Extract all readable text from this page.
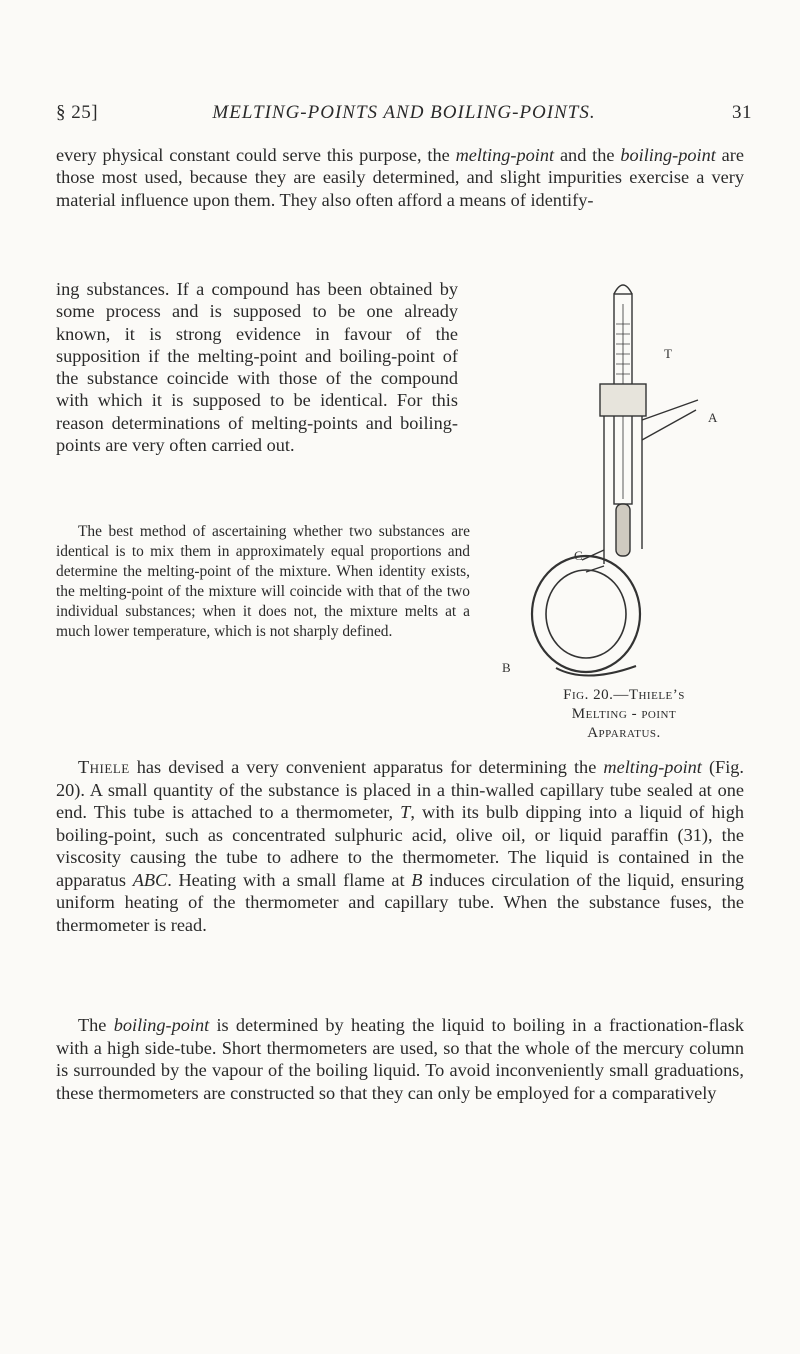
§ 25]	MELTING-POINTS AND BOILING-POINTS.	31

every physical constant could serve this purpose, the melting-point and the boiling-point are those most used, because they are easily determined, and slight impurities exercise a very material influence upon them. They also often afford a means of identify-

ing substances. If a compound has been obtained by some process and is supposed to be one already known, it is strong evidence in favour of the supposition if the melting-point and boiling-point of the substance coincide with those of the compound with which it is supposed to be identical. For this reason determinations of melting-points and boiling-points are very often carried out.

The best method of ascertaining whether two substances are identical is to mix them in approximately equal proportions and determine the melting-point of the mixture. When identity exists, the melting-point of the mixture will coincide with that of the two individual substances; when it does not, the mixture melts at a much lower temperature, which is not sharply defined.

T
A
C
B
Fig. 20.—Thiele’s
Melting - point
Apparatus.

Thiele has devised a very convenient apparatus for determining the melting-point (Fig. 20). A small quantity of the substance is placed in a thin-walled capillary tube sealed at one end. This tube is attached to a thermometer, T, with its bulb dipping into a liquid of high boiling-point, such as concentrated sulphuric acid, olive oil, or liquid paraffin (31), the viscosity causing the tube to adhere to the thermometer. The liquid is contained in the apparatus ABC. Heating with a small flame at B induces circulation of the liquid, ensuring uniform heating of the thermometer and capillary tube. When the substance fuses, the thermometer is read.

The boiling-point is determined by heating the liquid to boiling in a fractionation-flask with a high side-tube. Short thermometers are used, so that the whole of the mercury column is surrounded by the vapour of the boiling liquid. To avoid inconveniently small graduations, these thermometers are constructed so that they can only be employed for a comparatively
